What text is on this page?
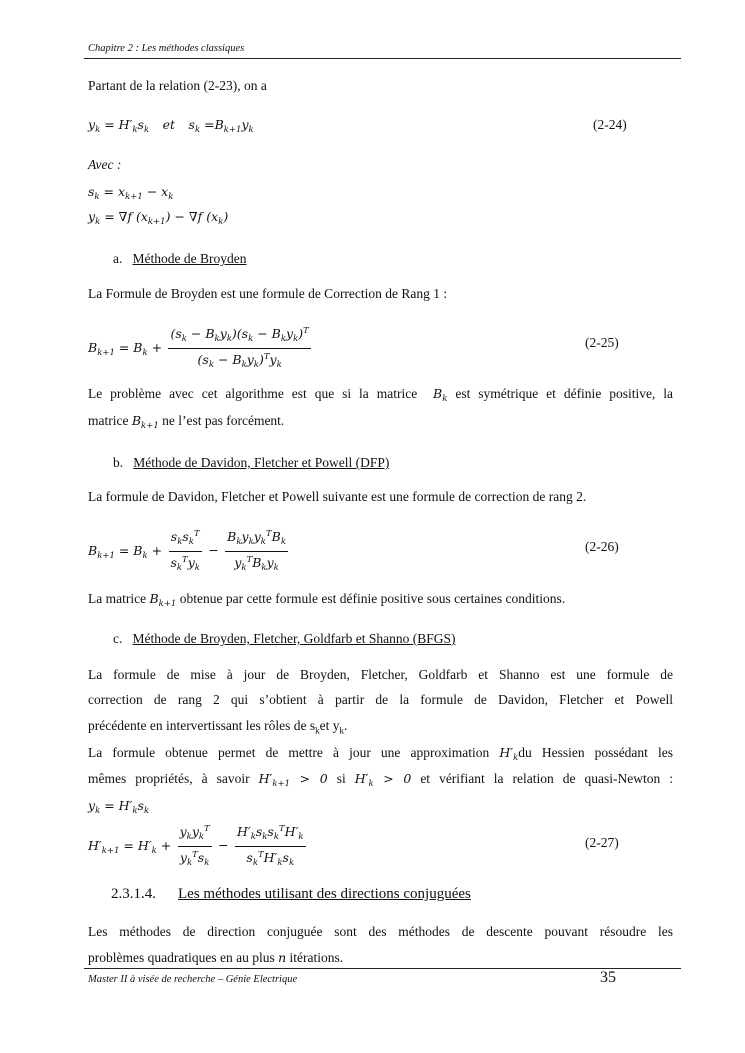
Chapitre 2 : Les méthodes classiques
Partant de la relation (2-23), on a
$y_k = H'_ks_k$ et $s_k =B_{k+1}y_k$	(2-24)
Avec :
$s_k = x_{k+1} - x_k$
$y_k = \nabla f$ $(x_{k+1}) - \nabla f$ $(x_k)$
a. Méthode de Broyden
La Formule de Broyden est une formule de Correction de Rang 1 :
$B_{k+1} = B_k + \frac{(s_k - B_ky_k)(s_k - B_ky_k)^T}{(s_k - B_ky_k)^Ty_k}$	(2-25)
Le problème avec cet algorithme est que si la matrice $B_k$ est symétrique et définie positive, la
matrice $B_{k+1}$ ne l’est pas forcément.
b. Méthode de Davidon, Fletcher et Powell (DFP)
La formule de Davidon, Fletcher et Powell suivante est une formule de correction de rang 2.
$B_{k+1} = B_k + \frac{s_ks_k^T}{s_k^Ty_k} - \frac{B_ky_ky_k^TB_k}{y_k^TB_ky_k}$	(2-26)
La matrice $B_{k+1}$ obtenue par cette formule est définie positive sous certaines conditions.
c. Méthode de Broyden, Fletcher, Goldfarb et Shanno (BFGS)
La formule de mise à jour de Broyden, Fletcher, Goldfarb et Shanno est une formule de
correction de rang 2 qui s’obtient à partir de la formule de Davidon, Fletcher et Powell
précédente en intervertissant les rôles de $s_ket$ $y_k$.
La formule obtenue permet de mettre à jour une approximation $H'_kdu$ Hessien possédant les
mêmes propriétés, à savoir $H'_{k+1} > 0$ si $H'_k > 0$ et vérifiant la relation de quasi-Newton :
$y_k = H'_ks_k$
$H'_{k+1} = H'_k + \frac{y_ky_k^T}{y_k^Ts_k} - \frac{H'_ks_ks_k^TH'_k}{s_k^TH'_ks_k}$	(2-27)
2.3.1.4. Les méthodes utilisant des directions conjuguées
Les méthodes de direction conjuguée sont des méthodes de descente pouvant résoudre les
problèmes quadratiques en au plus n itérations.
Master II à visée de recherche – Génie Electrique	35
